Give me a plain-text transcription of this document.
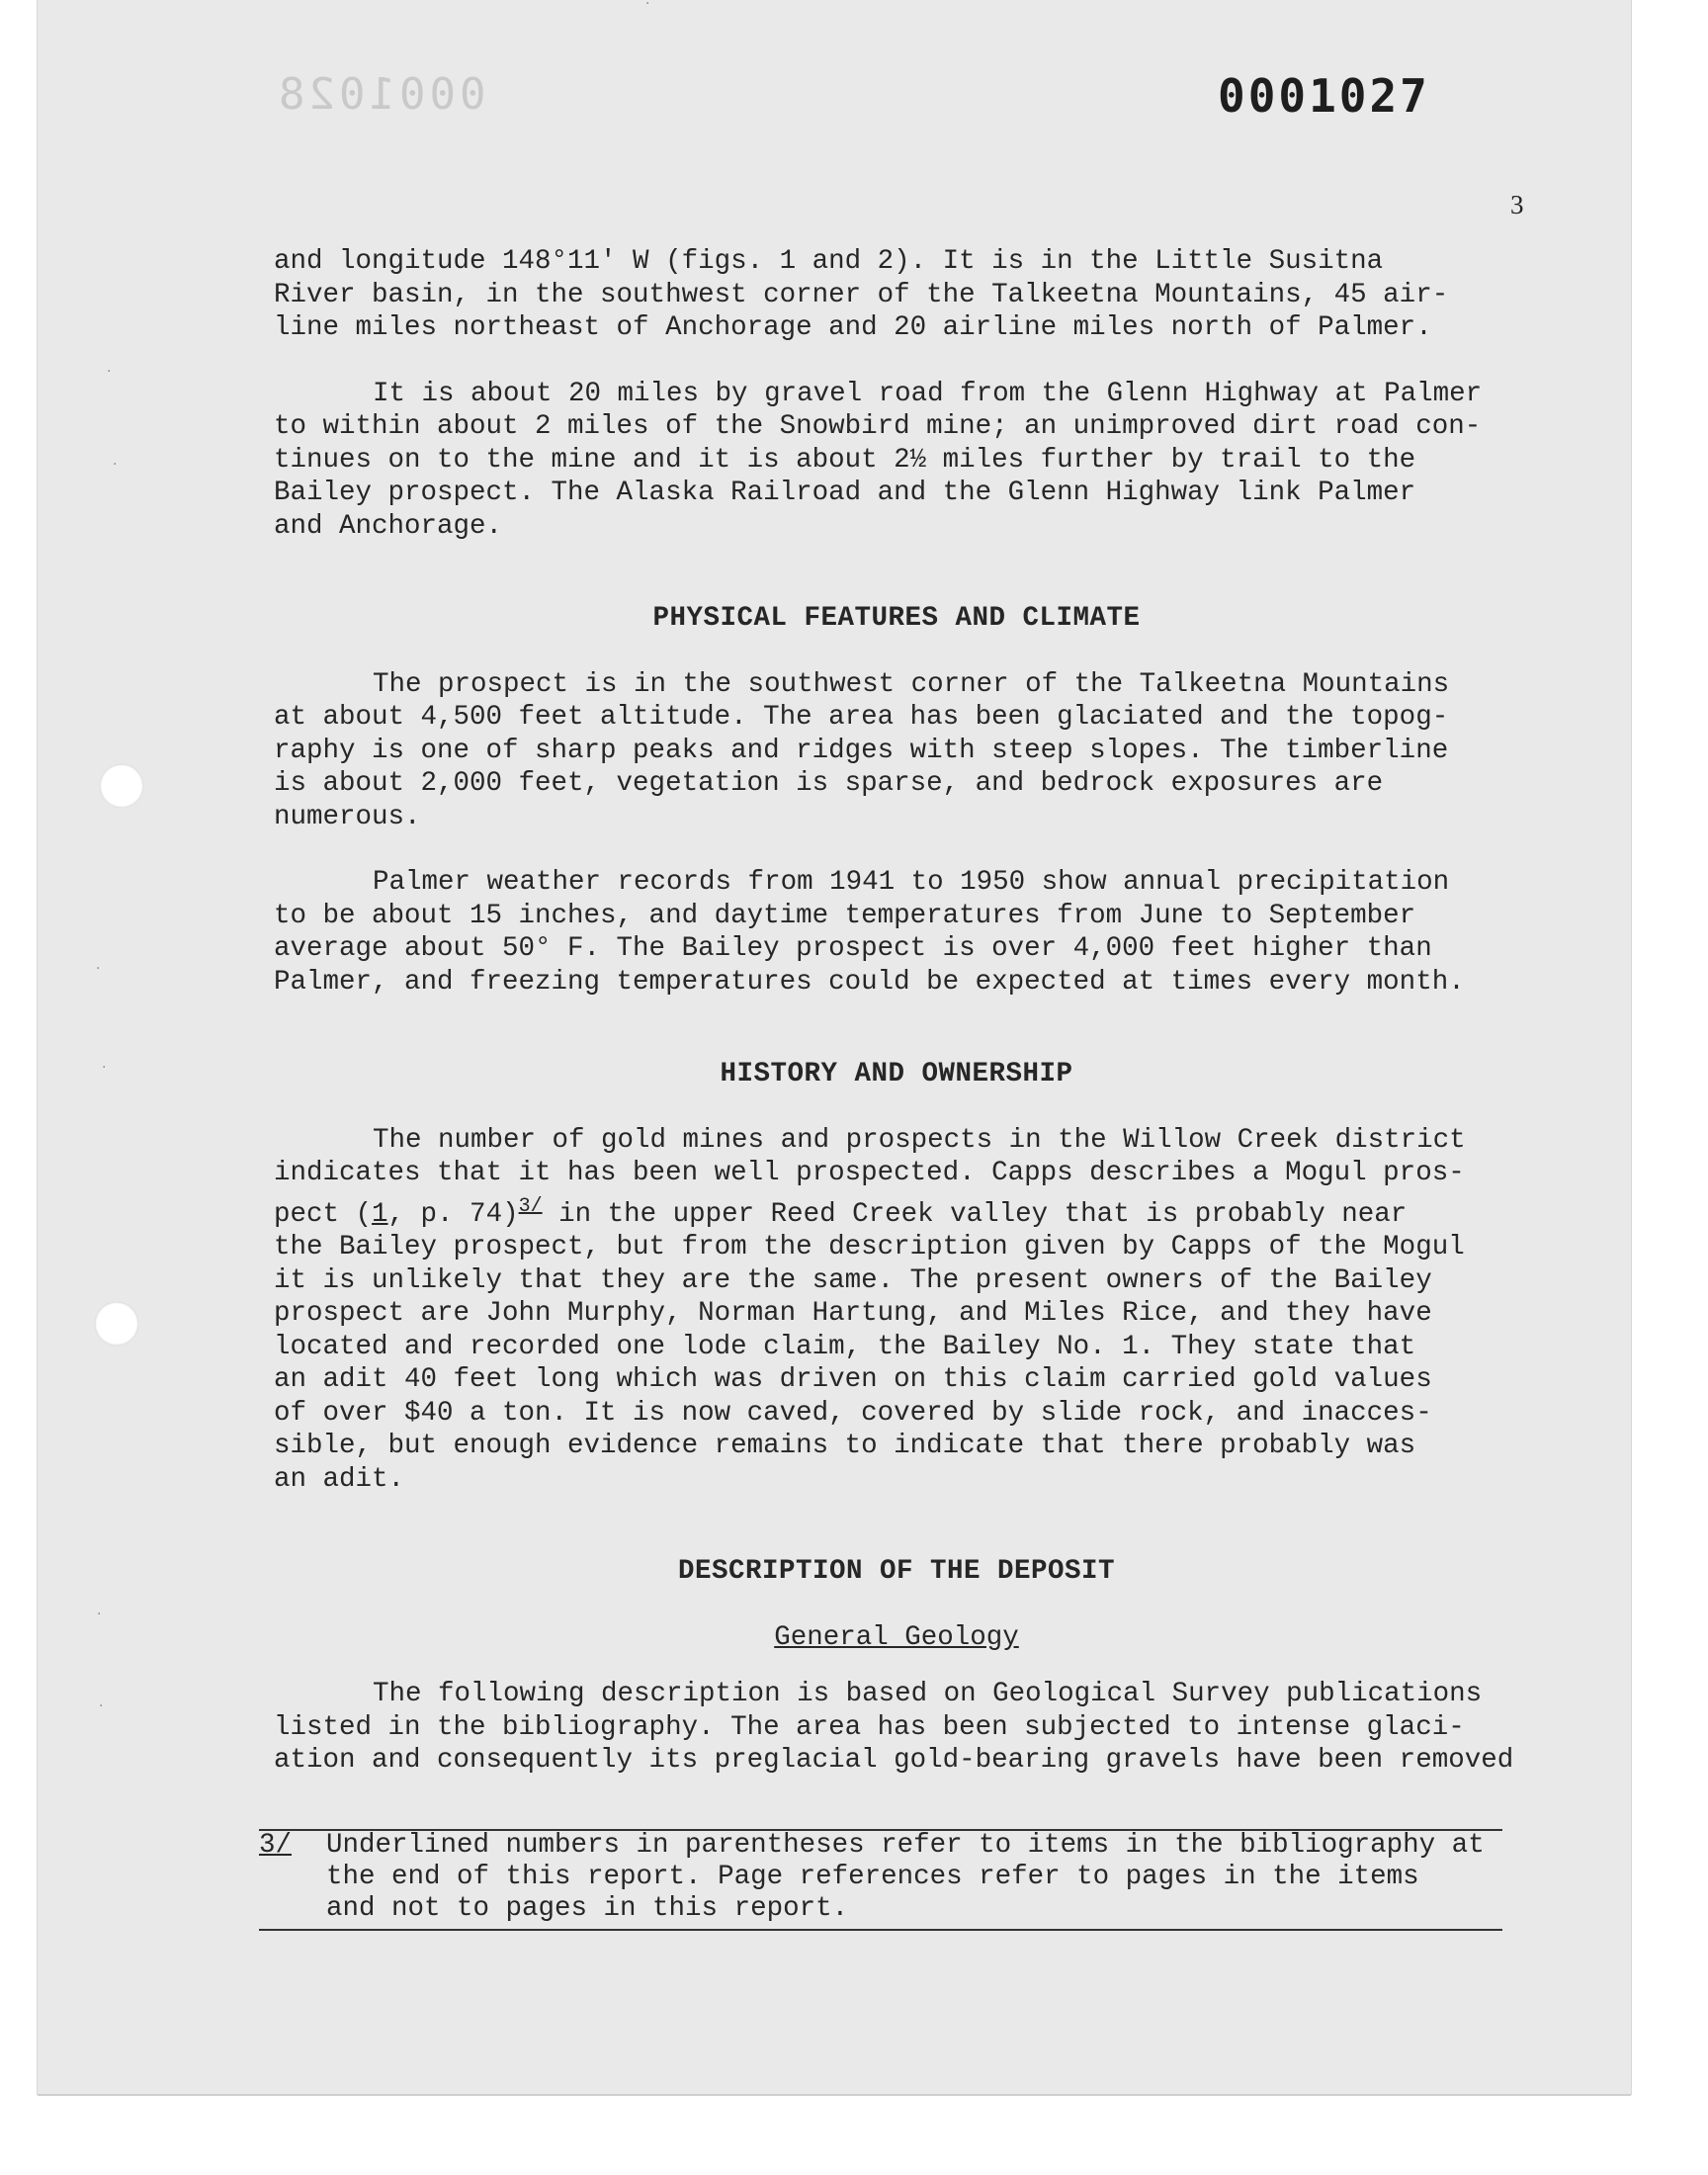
0001028	0001027
3
·
·
·
·
·
·
·

and longitude 148°11' W (figs. 1 and 2). It is in the Little Susitna
River basin, in the southwest corner of the Talkeetna Mountains, 45 air-
line miles northeast of Anchorage and 20 airline miles north of Palmer.

It is about 20 miles by gravel road from the Glenn Highway at Palmer
to within about 2 miles of the Snowbird mine; an unimproved dirt road con-
tinues on to the mine and it is about 2½ miles further by trail to the
Bailey prospect. The Alaska Railroad and the Glenn Highway link Palmer
and Anchorage.

PHYSICAL FEATURES AND CLIMATE

The prospect is in the southwest corner of the Talkeetna Mountains
at about 4,500 feet altitude. The area has been glaciated and the topog-
raphy is one of sharp peaks and ridges with steep slopes. The timberline
is about 2,000 feet, vegetation is sparse, and bedrock exposures are
numerous.

Palmer weather records from 1941 to 1950 show annual precipitation
to be about 15 inches, and daytime temperatures from June to September
average about 50° F. The Bailey prospect is over 4,000 feet higher than
Palmer, and freezing temperatures could be expected at times every month.

HISTORY AND OWNERSHIP

The number of gold mines and prospects in the Willow Creek district
indicates that it has been well prospected. Capps describes a Mogul pros-
pect (1, p. 74)$^{3/}$ in the upper Reed Creek valley that is probably near
the Bailey prospect, but from the description given by Capps of the Mogul
it is unlikely that they are the same. The present owners of the Bailey
prospect are John Murphy, Norman Hartung, and Miles Rice, and they have
located and recorded one lode claim, the Bailey No. 1. They state that
an adit 40 feet long which was driven on this claim carried gold values
of over $40 a ton. It is now caved, covered by slide rock, and inacces-
sible, but enough evidence remains to indicate that there probably was
an adit.

DESCRIPTION OF THE DEPOSIT
General Geology

The following description is based on Geological Survey publications
listed in the bibliography. The area has been subjected to intense glaci-
ation and consequently its preglacial gold-bearing gravels have been removed

3/	Underlined numbers in parentheses refer to items in the bibliography at
the end of this report. Page references refer to pages in the items
and not to pages in this report.
